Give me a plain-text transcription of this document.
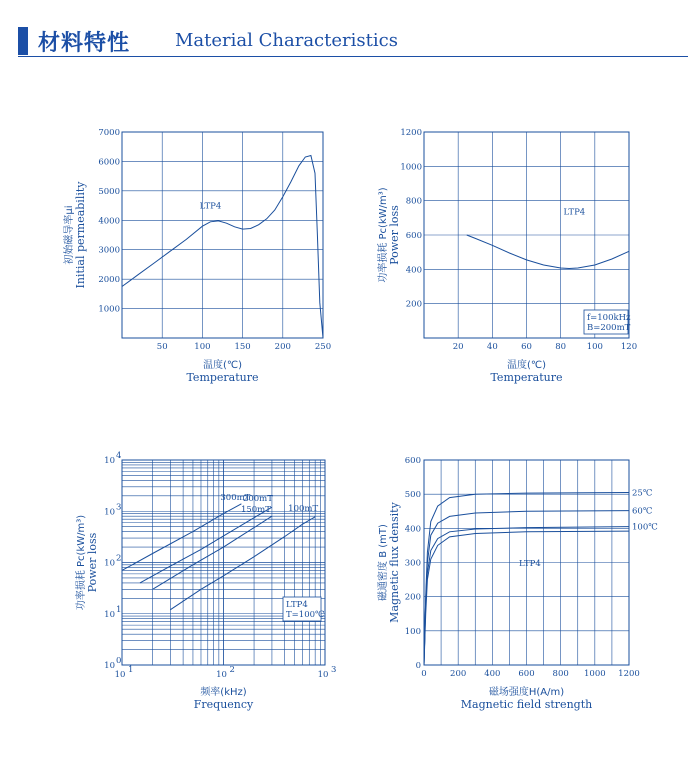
材料特性 Material Characteristics
50	100	150	200	250
1000
2000
3000
4000
5000
6000
7000
LTP4
温度(℃)
Temperature
初始磁导率μi Initial permeability
20	40	60	80 100 120
200
400
600
800
1000
1200
LTP4
f=100kHz
B=200mT
温度(℃)
Temperature
功率损耗 Pc(kW/m³) Power loss
10 1	10 2	10 3
10 0
10 1
10 2
10 3
10 4
300mT
200mT
150mT 100mT
LTP4
T=100℃
频率(kHz)
Frequency
功率损耗 Pc(kW/m³) Power loss
0	200 400 600 800 1000 1200
0
100
200
300
400
500
600
25℃
60℃
100℃
LTP4
磁场强度H(A/m)
Magnetic field strength
磁通密度 B (mT) Magnetic flux density
